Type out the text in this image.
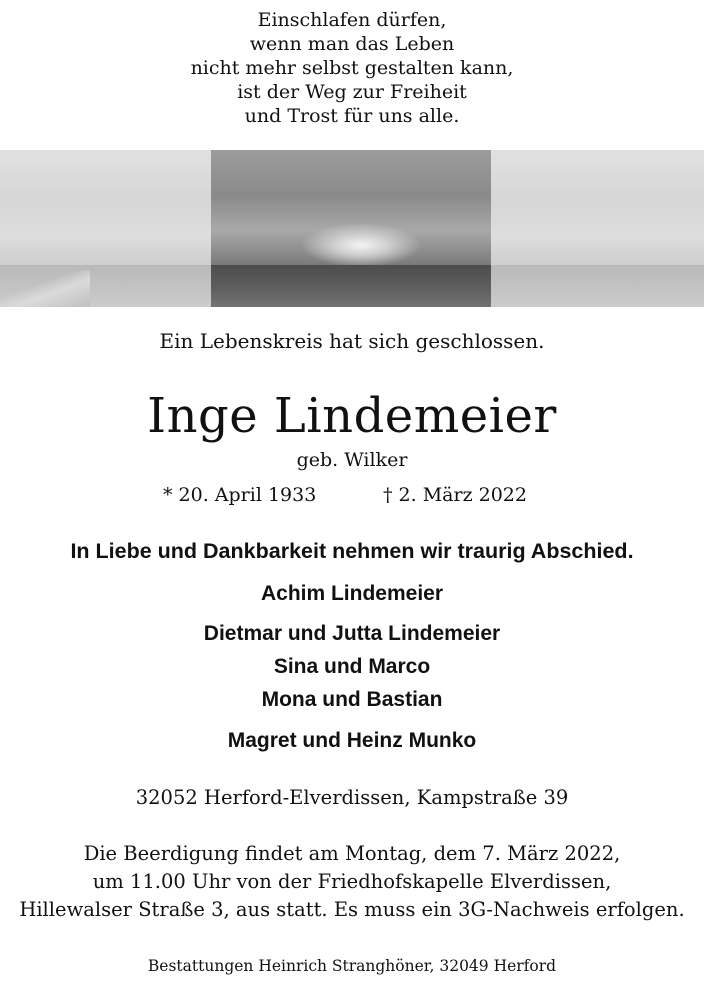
Einschlafen dürfen,
wenn man das Leben
nicht mehr selbst gestalten kann,
ist der Weg zur Freiheit
und Trost für uns alle.
Ein Lebenskreis hat sich geschlossen.
Inge Lindemeier
geb. Wilker
* 20. April 1933	† 2. März 2022
In Liebe und Dankbarkeit nehmen wir traurig Abschied.
Achim Lindemeier
Dietmar und Jutta Lindemeier
Sina und Marco
Mona und Bastian
Magret und Heinz Munko
32052 Herford-Elverdissen, Kampstraße 39
Die Beerdigung findet am Montag, dem 7. März 2022,
um 11.00 Uhr von der Friedhofskapelle Elverdissen,
Hillewalser Straße 3, aus statt. Es muss ein 3G-Nachweis erfolgen.
Bestattungen Heinrich Stranghöner, 32049 Herford
